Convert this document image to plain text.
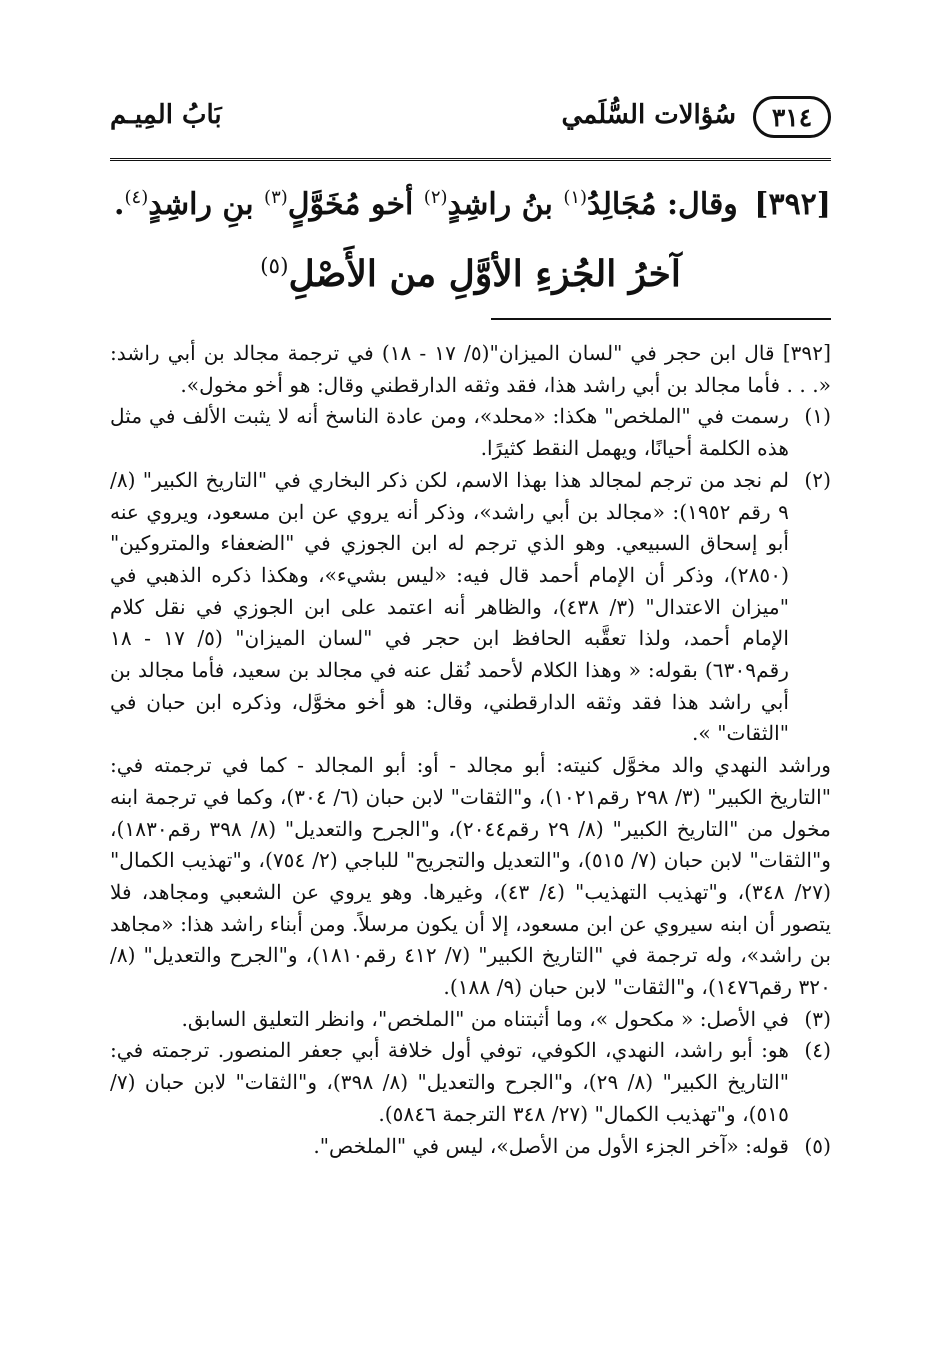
٣١٤
سُؤالات السُّلَمي
بَابُ المِيـم
[٣٩٢] وقال: مُجَالِدُ$^{(١)}$ بنُ راشِدٍ$^{(٢)}$ أخو مُخَوَّلٍ$^{(٣)}$ بنِ راشِدٍ$^{(٤)}$.
آخرُ الجُزءِ الأوَّلِ من الأَصْلِ$^{(٥)}$

[٣٩٢] قال ابن حجر في "لسان الميزان"(٥/ ١٧ - ١٨) في ترجمة مجالد بن أبي راشد: «. . . فأما مجالد بن أبي راشد هذا، فقد وثقه الدارقطني وقال: هو أخو مخول».

(١)
رسمت في "الملخص" هكذا: «محلد»، ومن عادة الناسخ أنه لا يثبت الألف في مثل هذه الكلمة أحيانًا، ويهمل النقط كثيرًا.
(٢)
لم نجد من ترجم لمجالد هذا بهذا الاسم، لكن ذكر البخاري في "التاريخ الكبير" (٨/ ٩ رقم ١٩٥٢): «مجالد بن أبي راشد»، وذكر أنه يروي عن ابن مسعود، ويروي عنه أبو إسحاق السبيعي. وهو الذي ترجم له ابن الجوزي في "الضعفاء والمتروكين" (٢٨٥٠)، وذكر أن الإمام أحمد قال فيه: «ليس بشيء»، وهكذا ذكره الذهبي في "ميزان الاعتدال" (٣/ ٤٣٨)، والظاهر أنه اعتمد على ابن الجوزي في نقل كلام الإمام أحمد، ولذا تعقَّبه الحافظ ابن حجر في "لسان الميزان" (٥/ ١٧ - ١٨ رقم٦٣٠٩) بقوله: « وهذا الكلام لأحمد نُقل عنه في مجالد بن سعيد، فأما مجالد بن أبي راشد هذا فقد وثقه الدارقطني، وقال: هو أخو مخوَّل، وذكره ابن حبان في "الثقات" ».

وراشد النهدي والد مخوَّل كنيته: أبو مجالد - أو: أبو المجالد - كما في ترجمته في: "التاريخ الكبير" (٣/ ٢٩٨ رقم١٠٢١)، و"الثقات" لابن حبان (٦/ ٣٠٤)، وكما في ترجمة ابنه مخول من "التاريخ الكبير" (٨/ ٢٩ رقم٢٠٤٤)، و"الجرح والتعديل" (٨/ ٣٩٨ رقم١٨٣٠)، و"الثقات" لابن حبان (٧/ ٥١٥)، و"التعديل والتجريح" للباجي (٢/ ٧٥٤)، و"تهذيب الكمال" (٢٧/ ٣٤٨)، و"تهذيب التهذيب" (٤/ ٤٣)، وغيرها. وهو يروي عن الشعبي ومجاهد، فلا يتصور أن ابنه سيروي عن ابن مسعود، إلا أن يكون مرسلاً. ومن أبناء راشد هذا: «مجاهد بن راشد»، وله ترجمة في "التاريخ الكبير" (٧/ ٤١٢ رقم١٨١٠)، و"الجرح والتعديل" (٨/ ٣٢٠ رقم١٤٧٦)، و"الثقات" لابن حبان (٩/ ١٨٨).

(٣)
في الأصل: « مكحول »، وما أثبتناه من "الملخص"، وانظر التعليق السابق.
(٤)
هو: أبو راشد، النهدي، الكوفي، توفي أول خلافة أبي جعفر المنصور. ترجمته في: "التاريخ الكبير" (٨/ ٢٩)، و"الجرح والتعديل" (٨/ ٣٩٨)، و"الثقات" لابن حبان (٧/ ٥١٥)، و"تهذيب الكمال" (٢٧/ ٣٤٨ الترجمة ٥٨٤٦).
(٥)
قوله: «آخر الجزء الأول من الأصل»، ليس في "الملخص".
